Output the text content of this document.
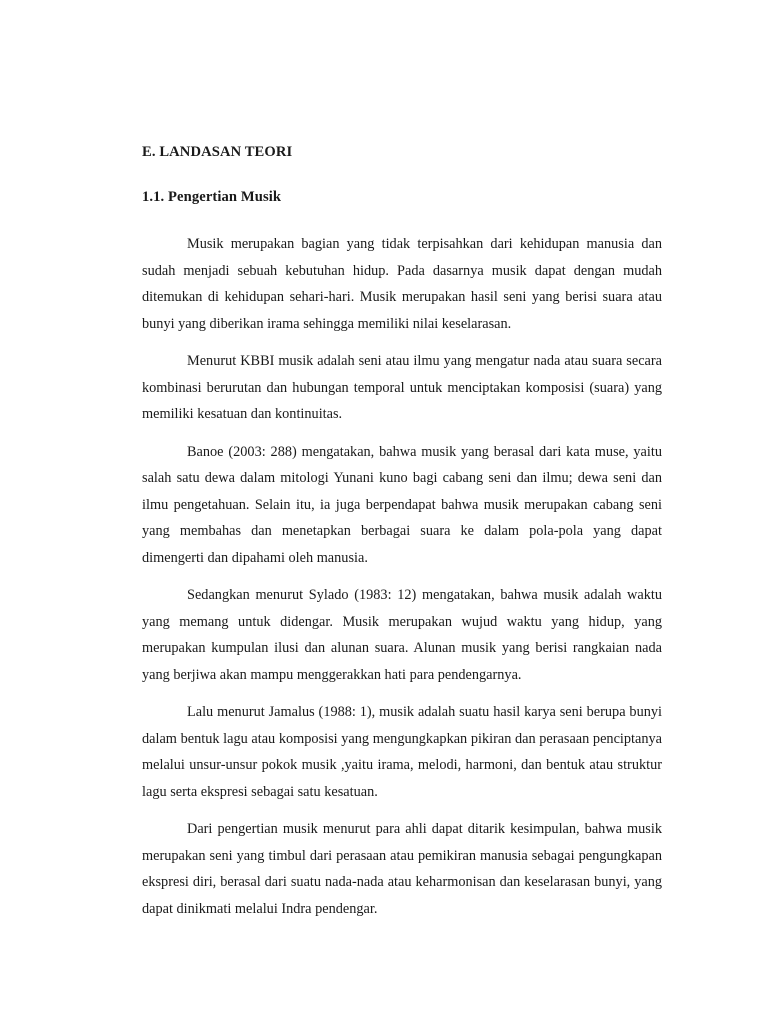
E. LANDASAN TEORI
1.1. Pengertian Musik

Musik merupakan bagian yang tidak terpisahkan dari kehidupan manusia dan sudah menjadi sebuah kebutuhan hidup. Pada dasarnya musik dapat dengan mudah ditemukan di kehidupan sehari-hari. Musik merupakan hasil seni yang berisi suara atau bunyi yang diberikan irama sehingga memiliki nilai keselarasan.

Menurut KBBI musik adalah seni atau ilmu yang mengatur nada atau suara secara kombinasi berurutan dan hubungan temporal untuk menciptakan komposisi (suara) yang memiliki kesatuan dan kontinuitas.

Banoe (2003: 288) mengatakan, bahwa musik yang berasal dari kata muse, yaitu salah satu dewa dalam mitologi Yunani kuno bagi cabang seni dan ilmu; dewa seni dan ilmu pengetahuan. Selain itu, ia juga berpendapat bahwa musik merupakan cabang seni yang membahas dan menetapkan berbagai suara ke dalam pola-pola yang dapat dimengerti dan dipahami oleh manusia.

Sedangkan menurut Sylado (1983: 12) mengatakan, bahwa musik adalah waktu yang memang untuk didengar. Musik merupakan wujud waktu yang hidup, yang merupakan kumpulan ilusi dan alunan suara. Alunan musik yang berisi rangkaian nada yang berjiwa akan mampu menggerakkan hati para pendengarnya.

Lalu menurut Jamalus (1988: 1), musik adalah suatu hasil karya seni berupa bunyi dalam bentuk lagu atau komposisi yang mengungkapkan pikiran dan perasaan penciptanya melalui unsur-unsur pokok musik ,yaitu irama, melodi, harmoni, dan bentuk atau struktur lagu serta ekspresi sebagai satu kesatuan.

Dari pengertian musik menurut para ahli dapat ditarik kesimpulan, bahwa musik merupakan seni yang timbul dari perasaan atau pemikiran manusia sebagai pengungkapan ekspresi diri, berasal dari suatu nada-nada atau keharmonisan dan keselarasan bunyi, yang dapat dinikmati melalui Indra pendengar.
